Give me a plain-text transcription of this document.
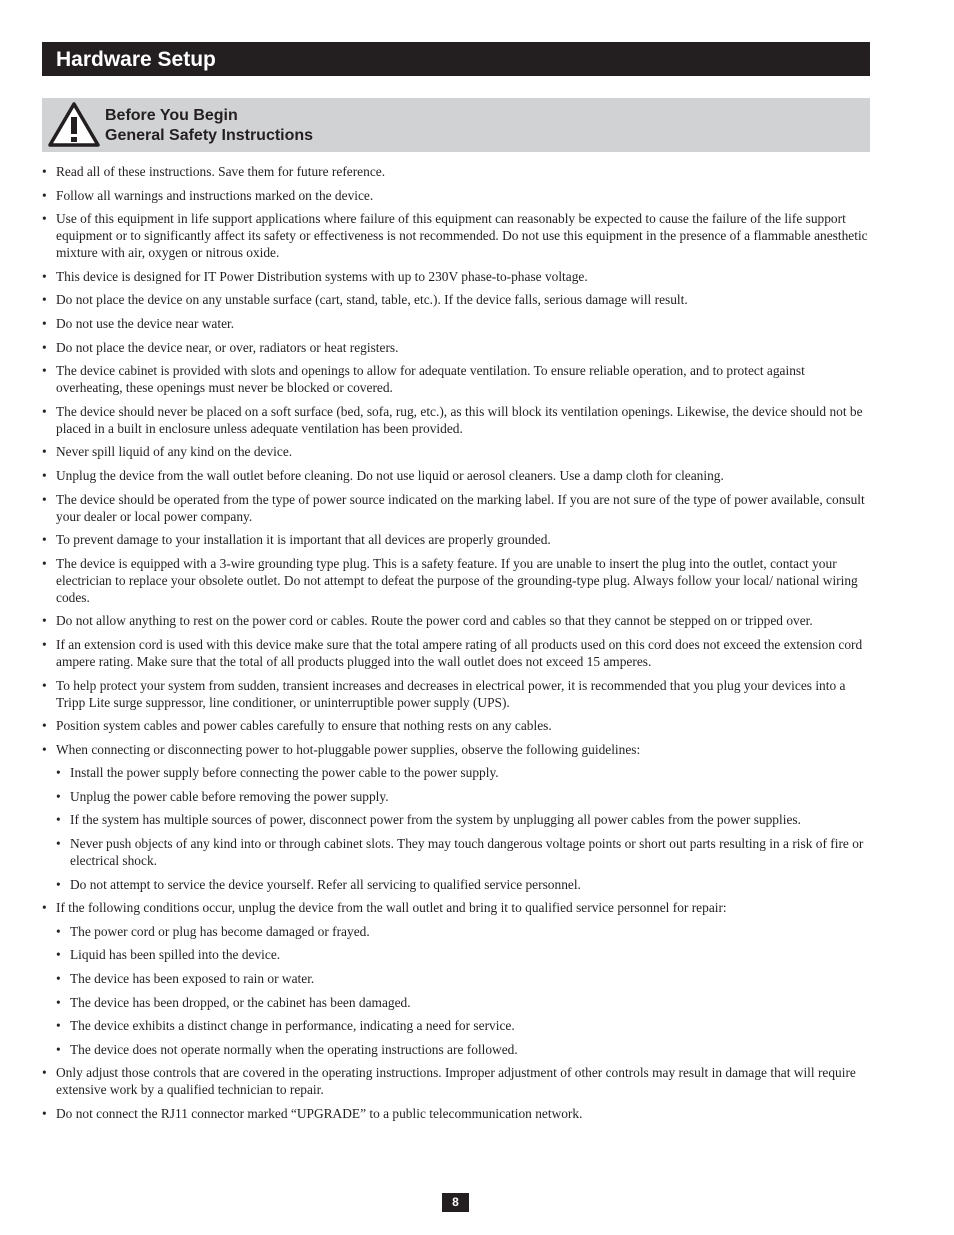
Hardware Setup
Before You Begin
General Safety Instructions
• Read all of these instructions. Save them for future reference.
• Follow all warnings and instructions marked on the device.
• Use of this equipment in life support applications where failure of this equipment can reasonably be expected to cause the failure of the life support equipment or to significantly affect its safety or effectiveness is not recommended. Do not use this equipment in the presence of a flammable anesthetic mixture with air, oxygen or nitrous oxide.
• This device is designed for IT Power Distribution systems with up to 230V phase-to-phase voltage.
• Do not place the device on any unstable surface (cart, stand, table, etc.). If the device falls, serious damage will result.
• Do not use the device near water.
• Do not place the device near, or over, radiators or heat registers.
• The device cabinet is provided with slots and openings to allow for adequate ventilation. To ensure reliable operation, and to protect against overheating, these openings must never be blocked or covered.
• The device should never be placed on a soft surface (bed, sofa, rug, etc.), as this will block its ventilation openings. Likewise, the device should not be placed in a built in enclosure unless adequate ventilation has been provided.
• Never spill liquid of any kind on the device.
• Unplug the device from the wall outlet before cleaning. Do not use liquid or aerosol cleaners. Use a damp cloth for cleaning.
• The device should be operated from the type of power source indicated on the marking label. If you are not sure of the type of power available, consult your dealer or local power company.
• To prevent damage to your installation it is important that all devices are properly grounded.
• The device is equipped with a 3-wire grounding type plug. This is a safety feature. If you are unable to insert the plug into the outlet, contact your electrician to replace your obsolete outlet. Do not attempt to defeat the purpose of the grounding-type plug. Always follow your local/ national wiring codes.
• Do not allow anything to rest on the power cord or cables. Route the power cord and cables so that they cannot be stepped on or tripped over.
• If an extension cord is used with this device make sure that the total ampere rating of all products used on this cord does not exceed the extension cord ampere rating. Make sure that the total of all products plugged into the wall outlet does not exceed 15 amperes.
• To help protect your system from sudden, transient increases and decreases in electrical power, it is recommended that you plug your devices into a Tripp Lite surge suppressor, line conditioner, or uninterruptible power supply (UPS).
• Position system cables and power cables carefully to ensure that nothing rests on any cables.
• When connecting or disconnecting power to hot-pluggable power supplies, observe the following guidelines:
• Install the power supply before connecting the power cable to the power supply.
• Unplug the power cable before removing the power supply.
• If the system has multiple sources of power, disconnect power from the system by unplugging all power cables from the power supplies.
• Never push objects of any kind into or through cabinet slots. They may touch dangerous voltage points or short out parts resulting in a risk of fire or electrical shock.
• Do not attempt to service the device yourself. Refer all servicing to qualified service personnel.
• If the following conditions occur, unplug the device from the wall outlet and bring it to qualified service personnel for repair:
• The power cord or plug has become damaged or frayed.
• Liquid has been spilled into the device.
• The device has been exposed to rain or water.
• The device has been dropped, or the cabinet has been damaged.
• The device exhibits a distinct change in performance, indicating a need for service.
• The device does not operate normally when the operating instructions are followed.
• Only adjust those controls that are covered in the operating instructions. Improper adjustment of other controls may result in damage that will require extensive work by a qualified technician to repair.
• Do not connect the RJ11 connector marked “UPGRADE” to a public telecommunication network.
8
